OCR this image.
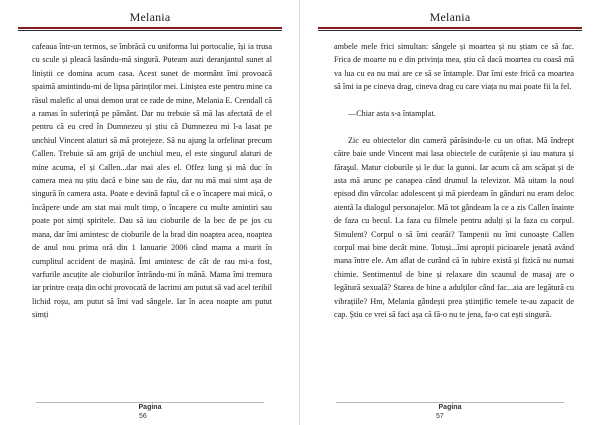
Melania

cafeaua într-un termos, se îmbrăcă cu uniforma lui portocalie, își ia trusa cu scule și pleacă lasându-mă singură. Puteam auzi deranjantul sunet al liniștii ce domina acum casa. Acest sunet de mormânt îmi provoacă spaimă amintindu-mi de lipsa părinților mei. Liniștea este pentru mine ca răsul malefic al unui demon urat ce rade de mine, Melania E. Crendall că a ramas în suferință pe pământ. Dar nu trebuie să mă las afectată de el pentru că eu cred în Dumnezeu și știu că Dumnezeu mi l-a lasat pe unchiul Vincent alaturi să mă protejeze. Să nu ajung la orfelinat precum Callen. Trebuie să am grijă de unchiul meu, el este singurul alaturi de mine acuma, el și Callen...dar mai ales el. Offez lung și mă duc în camera mea nu știu dacă e bine sau de rău, dar nu mă mai simt așa de singură în camera asta. Poate e devină faptul că e o încapere mai mică, o încăpere unde am stat mai mult timp, o încapere cu multe amintiri sau poate pot simți spiritele. Dau să iau cioburile de la bec de pe jos cu mana, dar îmi amintesc de cioburile de la brad din noaptea acea, noaptea de anul nou prima oră din 1 Ianuarie 2006 când mama a murit în cumplitul accident de mașină. Îmi amintesc de cât de rau mi-a fost, varfurile ascuțite ale cioburilor întrându-mi în mână. Mama îmi tremura iar printre ceața din ochi provocată de lacrimi am putut să vad acel teribil lichid roșu, am putut să îmi vad sângele. Iar în acea noapte am putut simți

Pagina
56
Melania

ambele mele frici simultan: sângele și moartea și nu știam ce să fac. Frica de moarte nu e din privința mea, știu că dacă moartea cu coasă mă va lua cu ea nu mai are ce să se întample. Dar îmi este frică ca moartea să îmi ia pe cineva drag, cineva drag cu care viața nu mai poate fii la fel.

—Chiar asta s-a întamplat.

Zic eu obiectelor din cameră părăsindu-le cu un oftat. Mă îndrept către baie unde Vincent mai lasa obiectele de curățenie și iau matura și făraşul. Matur cioburile și le duc la gunoi. Iar acum că am scăpat și de asta mă arunc pe canapea când drumul la televizor. Mă uitam la noul episod din vârcolac adolescent și mă pierdeam în gânduri nu eram deloc atentă la dialogul personajelor. Mă tot gândeam la ce a zis Callen înainte de faza cu becul. La faza cu filmele pentru adulți și la faza cu corpul. Simulent? Corpul o să îmi cearăi? Tampenii nu îmi cunoaște Callen corpul mai bine decât mine. Totuși...îmi apropii picioarele jenată având mana între ele. Am aflat de curând că în iubire există și fizică nu numai chimie. Sentimentul de bine și relaxare din scaunul de masaj are o legătură sexuală? Starea de bine a adulților când fac...aia are legătură cu vibrațiile? Hm, Melania gândești prea științific temele te-au zapacit de cap. Știu ce vrei să faci așa că fă-o nu te jena, fa-o cat ești singură.

Pagina
57
